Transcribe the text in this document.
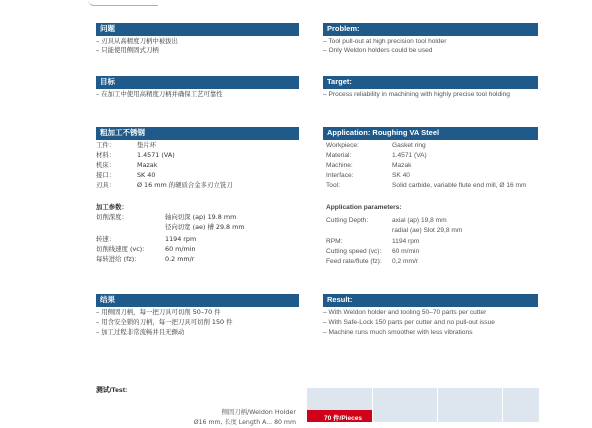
问题
– 刃具从高精度刀柄中被拔出
– 只能使用侧固式刀柄
Problem:
– Tool pull-out at high precision tool holder
– Only Weldon holders could be used
目标
– 在加工中使用高精度刀柄并确保工艺可靠性
Target:
– Process reliability in machining with highly precise tool holding
粗加工不锈钢
工件：	垫片环
材料：	1.4571 (VA)
机床：	Mazak
接口：	SK 40
刃具：	Ø 16 mm 的硬质合金多刃立铣刀
加工参数：
切削深度：	轴向切深 (ap) 19.8 mm
径向切宽 (ae) 槽 29.8 mm
转速：	1194 rpm
切削线速度 (vc)：	60 m/min
每转进给 (fz)：	0.2 mm/r
Application: Roughing VA Steel
Workpiece:	Gasket ring
Material:	1.4571 (VA)
Machine:	Mazak
Interface:	SK 40
Tool:	Solid carbide, variable flute end mill, Ø 16 mm
Application parameters:
Cutting Depth:	axial (ap) 19,8 mm
radial (ae) Slot 29,8 mm
RPM:	1194 rpm
Cutting speed (vc): 60 m/min
Feed rate/flute (fz): 0,2 mm/r
结果
– 用侧固刀柄，每一把刀具可切削 50–70 件
– 用含安全锁的刀柄，每一把刀具可切削 150 件
– 加工过程非常流畅并且无颤动
Result:
– With Weldon holder and tooling 50–70 parts per cutter
– With Safe-Lock 150 parts per cutter and no pull-out issue
– Machine runs much smoother with less vibrations
测试/Test:
侧固刀柄/Weldon Holder
Ø16 mm, 长度 Length A... 80 mm
70 件/Pieces
